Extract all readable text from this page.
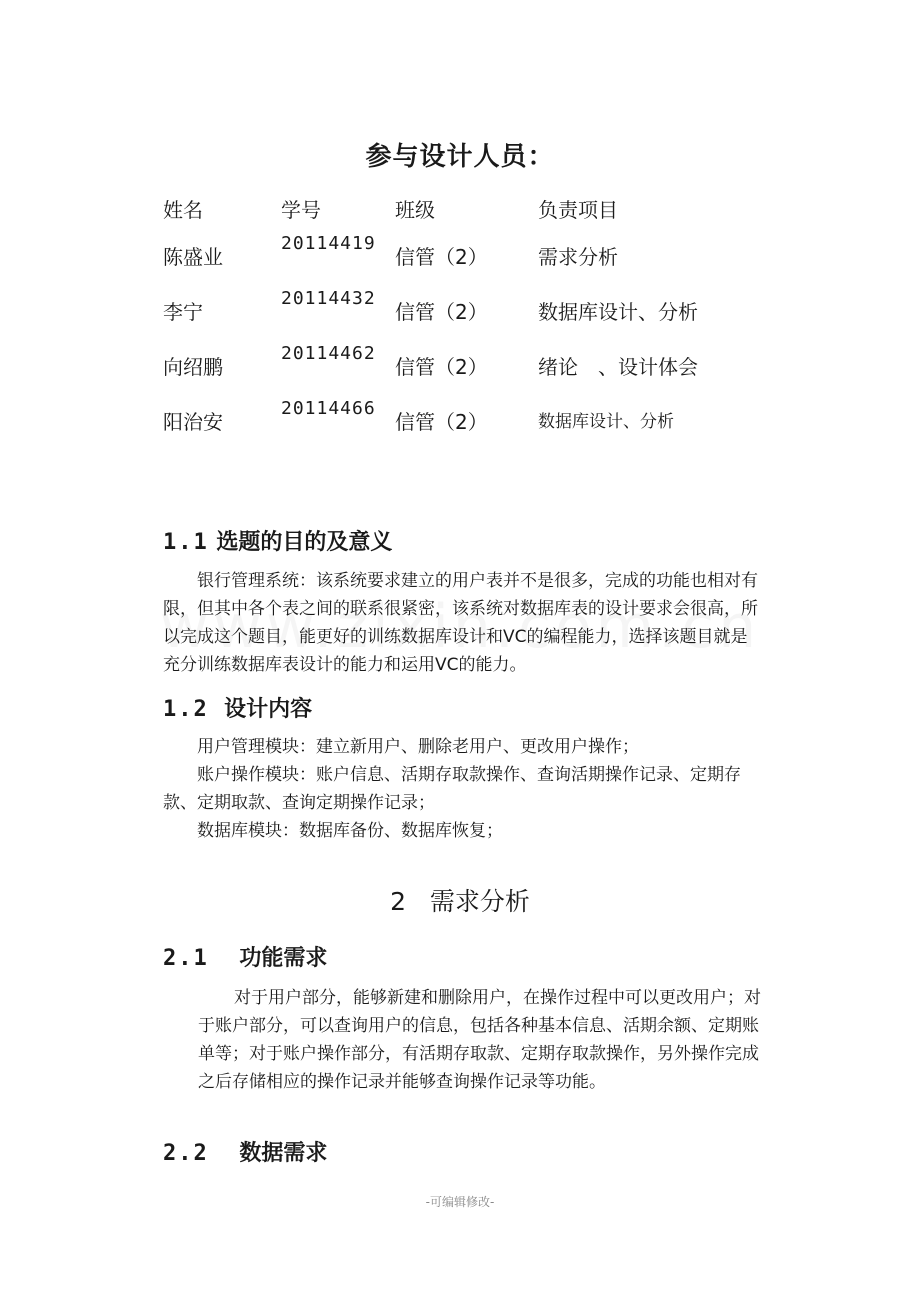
参与设计人员：
姓名	学号	班级	负责项目

陈盛业	20114419	信管（2）	需求分析

李宁	20114432	信管（2）	数据库设计、分析

向绍鹏	20114462	信管（2）	绪论　、设计体会

阳治安	20114466	信管（2）	数据库设计、分析
1.1 选题的目的及意义

银行管理系统：该系统要求建立的用户表并不是很多，完成的功能也相对有限，但其中各个表之间的联系很紧密，该系统对数据库表的设计要求会很高，所以完成这个题目，能更好的训练数据库设计和VC的编程能力，选择该题目就是充分训练数据库表设计的能力和运用VC的能力。

1.2 设计内容
用户管理模块：建立新用户、删除老用户、更改用户操作；
账户操作模块：账户信息、活期存取款操作、查询活期操作记录、定期存款、定期取款、查询定期操作记录；
数据库模块：数据库备份、数据库恢复；
2 需求分析
2.1 功能需求

对于用户部分，能够新建和删除用户，在操作过程中可以更改用户；对于账户部分，可以查询用户的信息，包括各种基本信息、活期余额、定期账单等；对于账户操作部分，有活期存取款、定期存取款操作，另外操作完成之后存储相应的操作记录并能够查询操作记录等功能。

2.2 数据需求
-可编辑修改-
